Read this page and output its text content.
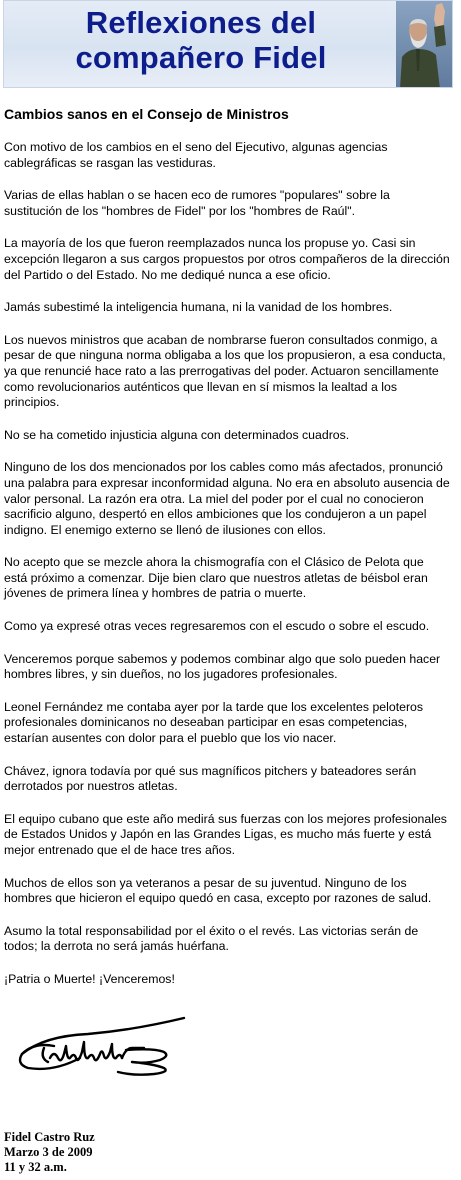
Reflexiones del
compañero Fidel
Cambios sanos en el Consejo de Ministros

Con motivo de los cambios en el seno del Ejecutivo, algunas agencias cablegráficas se rasgan las vestiduras.

Varias de ellas hablan o se hacen eco de rumores "populares" sobre la sustitución de los "hombres de Fidel" por los "hombres de Raúl".

La mayoría de los que fueron reemplazados nunca los propuse yo. Casi sin excepción llegaron a sus cargos propuestos por otros compañeros de la dirección del Partido o del Estado. No me dediqué nunca a ese oficio.

Jamás subestimé la inteligencia humana, ni la vanidad de los hombres.

Los nuevos ministros que acaban de nombrarse fueron consultados conmigo, a pesar de que ninguna norma obligaba a los que los propusieron, a esa conducta, ya que renuncié hace rato a las prerrogativas del poder. Actuaron sencillamente como revolucionarios auténticos que llevan en sí mismos la lealtad a los principios.

No se ha cometido injusticia alguna con determinados cuadros.

Ninguno de los dos mencionados por los cables como más afectados, pronunció una palabra para expresar inconformidad alguna. No era en absoluto ausencia de valor personal. La razón era otra. La miel del poder por el cual no conocieron sacrificio alguno, despertó en ellos ambiciones que los condujeron a un papel indigno. El enemigo externo se llenó de ilusiones con ellos.

No acepto que se mezcle ahora la chismografía con el Clásico de Pelota que está próximo a comenzar. Dije bien claro que nuestros atletas de béisbol eran jóvenes de primera línea y hombres de patria o muerte.

Como ya expresé otras veces regresaremos con el escudo o sobre el escudo.

Venceremos porque sabemos y podemos combinar algo que solo pueden hacer hombres libres, y sin dueños, no los jugadores profesionales.

Leonel Fernández me contaba ayer por la tarde que los excelentes peloteros profesionales dominicanos no deseaban participar en esas competencias, estarían ausentes con dolor para el pueblo que los vio nacer.

Chávez, ignora todavía por qué sus magníficos pitchers y bateadores serán derrotados por nuestros atletas.

El equipo cubano que este año medirá sus fuerzas con los mejores profesionales de Estados Unidos y Japón en las Grandes Ligas, es mucho más fuerte y está mejor entrenado que el de hace tres años.

Muchos de ellos son ya veteranos a pesar de su juventud. Ninguno de los hombres que hicieron el equipo quedó en casa, excepto por razones de salud.

Asumo la total responsabilidad por el éxito o el revés. Las victorias serán de todos; la derrota no será jamás huérfana.

¡Patria o Muerte! ¡Venceremos!

Fidel Castro Ruz
Marzo 3 de 2009
11 y 32 a.m.
